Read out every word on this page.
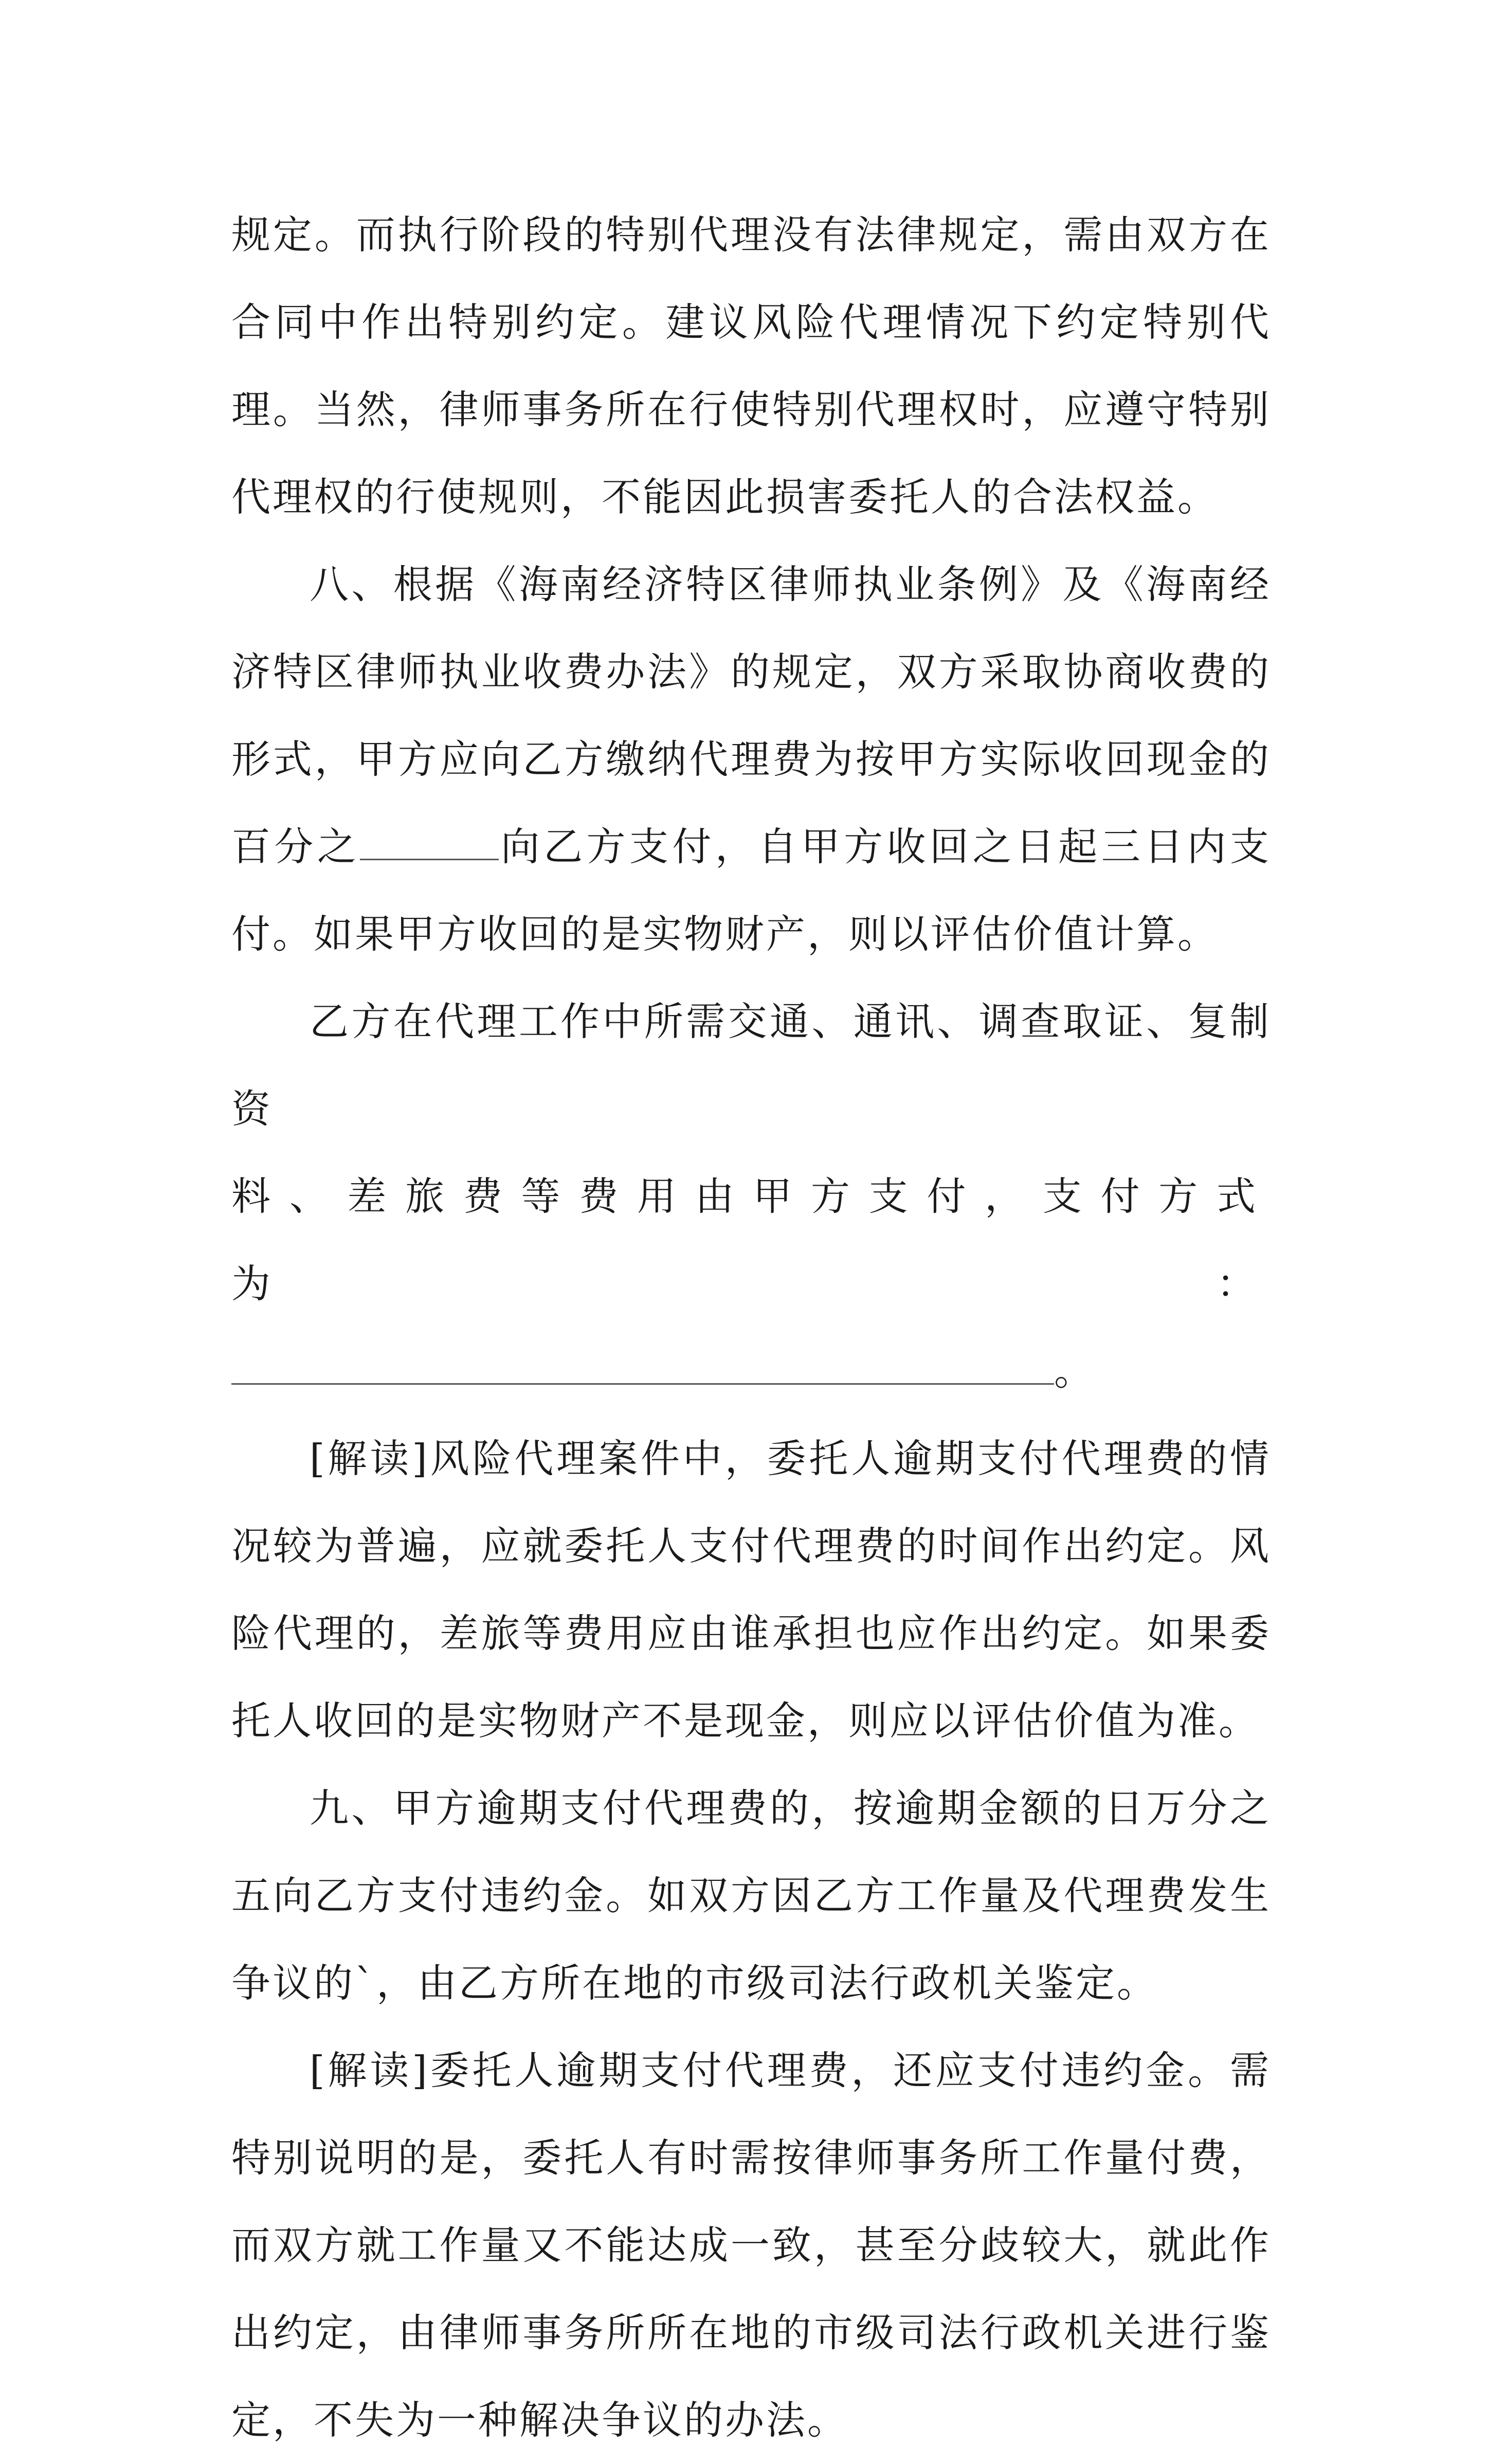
规定。而执行阶段的特别代理没有法律规定，需由双方在合同中作出特别约定。建议风险代理情况下约定特别代理。当然，律师事务所在行使特别代理权时，应遵守特别代理权的行使规则，不能因此损害委托人的合法权益。

八、根据《海南经济特区律师执业条例》及《海南经济特区律师执业收费办法》的规定，双方采取协商收费的形式，甲方应向乙方缴纳代理费为按甲方实际收回现金的百分之	向乙方支付，自甲方收回之日起三日内支付。如果甲方收回的是实物财产，则以评估价值计算。

乙方在代理工作中所需交通、通讯、调查取证、复制资

料、差旅费等费用由甲方支付，支付方式为：

。

[解读]风险代理案件中，委托人逾期支付代理费的情况较为普遍，应就委托人支付代理费的时间作出约定。风险代理的，差旅等费用应由谁承担也应作出约定。如果委托人收回的是实物财产不是现金，则应以评估价值为准。

九、甲方逾期支付代理费的，按逾期金额的日万分之五向乙方支付违约金。如双方因乙方工作量及代理费发生争议的`，由乙方所在地的市级司法行政机关鉴定。

[解读]委托人逾期支付代理费，还应支付违约金。需特别说明的是，委托人有时需按律师事务所工作量付费，而双方就工作量又不能达成一致，甚至分歧较大，就此作出约定，由律师事务所所在地的市级司法行政机关进行鉴定，不失为一种解决争议的办法。
